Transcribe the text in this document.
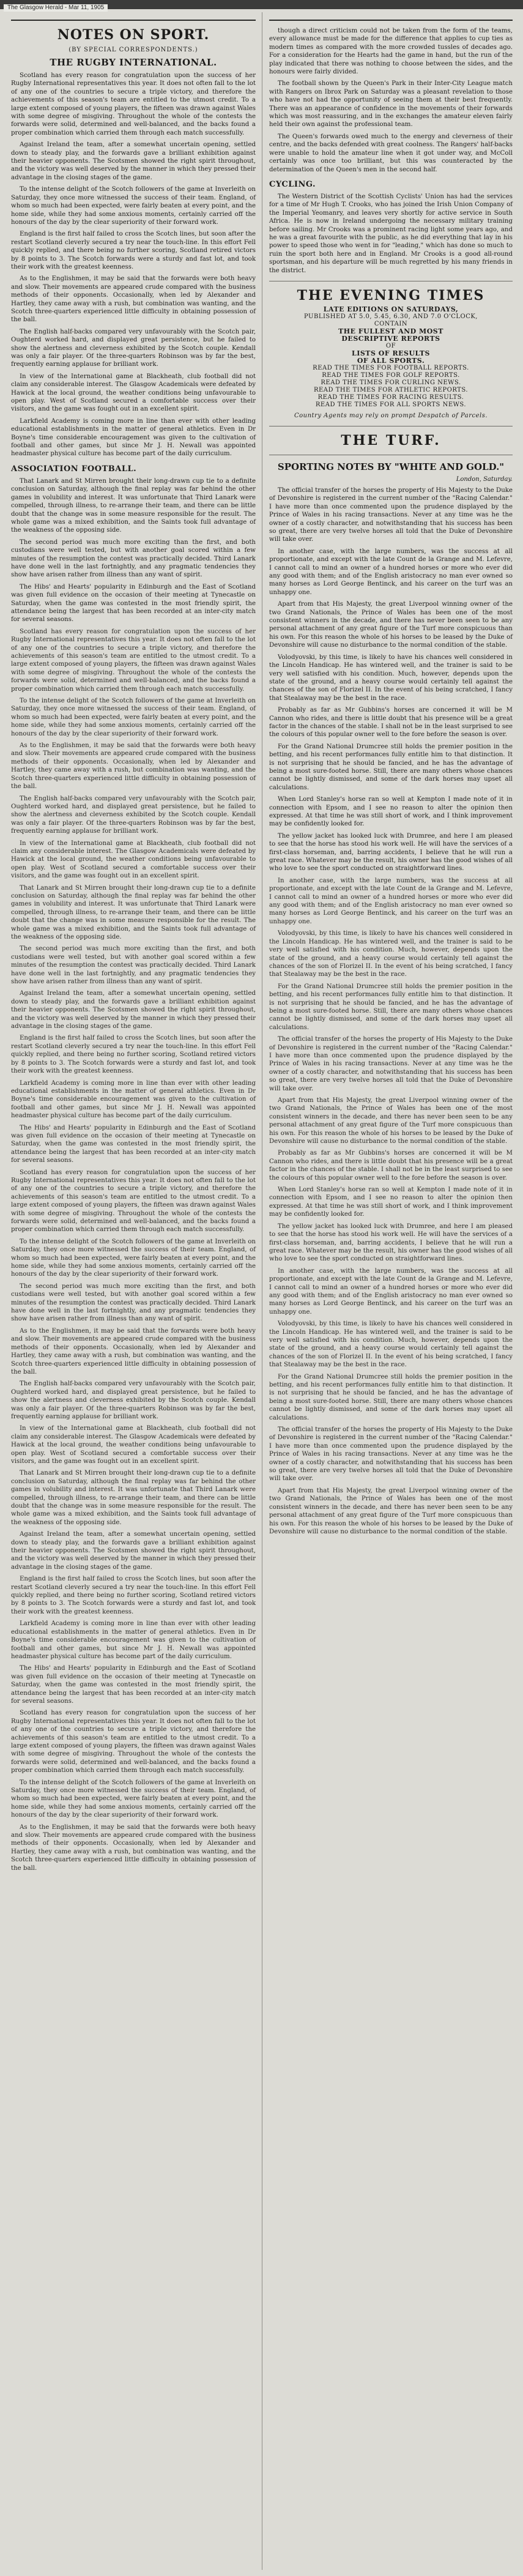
The Glasgow Herald - Mar 11, 1905
NOTES ON SPORT.
(BY SPECIAL CORRESPONDENTS.)
THE RUGBY INTERNATIONAL.

Scotland has every reason for congratulation upon the success of her Rugby International representatives this year. It does not often fall to the lot of any one of the countries to secure a triple victory, and therefore the achievements of this season's team are entitled to the utmost credit. To a large extent composed of young players, the fifteen was drawn against Wales with some degree of misgiving. Throughout the whole of the contests the forwards were solid, determined and well-balanced, and the backs found a proper combination which carried them through each match successfully.

Against Ireland the team, after a somewhat uncertain opening, settled down to steady play, and the forwards gave a brilliant exhibition against their heavier opponents. The Scotsmen showed the right spirit throughout, and the victory was well deserved by the manner in which they pressed their advantage in the closing stages of the game.

To the intense delight of the Scotch followers of the game at Inverleith on Saturday, they once more witnessed the success of their team. England, of whom so much had been expected, were fairly beaten at every point, and the home side, while they had some anxious moments, certainly carried off the honours of the day by the clear superiority of their forward work.

England is the first half failed to cross the Scotch lines, but soon after the restart Scotland cleverly secured a try near the touch-line. In this effort Fell quickly replied, and there being no further scoring, Scotland retired victors by 8 points to 3. The Scotch forwards were a sturdy and fast lot, and took their work with the greatest keenness.

As to the Englishmen, it may be said that the forwards were both heavy and slow. Their movements are appeared crude compared with the business methods of their opponents. Occasionally, when led by Alexander and Hartley, they came away with a rush, but combination was wanting, and the Scotch three-quarters experienced little difficulty in obtaining possession of the ball.

The English half-backs compared very unfavourably with the Scotch pair, Oughterd worked hard, and displayed great persistence, but he failed to show the alertness and cleverness exhibited by the Scotch couple. Kendall was only a fair player. Of the three-quarters Robinson was by far the best, frequently earning applause for brilliant work.

In view of the International game at Blackheath, club football did not claim any considerable interest. The Glasgow Academicals were defeated by Hawick at the local ground, the weather conditions being unfavourable to open play. West of Scotland secured a comfortable success over their visitors, and the game was fought out in an excellent spirit.

Larkfield Academy is coming more in line than ever with other leading educational establishments in the matter of general athletics. Even in Dr Boyne's time considerable encouragement was given to the cultivation of football and other games, but since Mr J. H. Newall was appointed headmaster physical culture has become part of the daily curriculum.

ASSOCIATION FOOTBALL.

That Lanark and St Mirren brought their long-drawn cup tie to a definite conclusion on Saturday, although the final replay was far behind the other games in volubility and interest. It was unfortunate that Third Lanark were compelled, through illness, to re-arrange their team, and there can be little doubt that the change was in some measure responsible for the result. The whole game was a mixed exhibition, and the Saints took full advantage of the weakness of the opposing side.

The second period was much more exciting than the first, and both custodians were well tested, but with another goal scored within a few minutes of the resumption the contest was practically decided. Third Lanark have done well in the last fortnightly, and any pragmatic tendencies they show have arisen rather from illness than any want of spirit.

The Hibs' and Hearts' popularity in Edinburgh and the East of Scotland was given full evidence on the occasion of their meeting at Tynecastle on Saturday, when the game was contested in the most friendly spirit, the attendance being the largest that has been recorded at an inter-city match for several seasons.

Scotland has every reason for congratulation upon the success of her Rugby International representatives this year. It does not often fall to the lot of any one of the countries to secure a triple victory, and therefore the achievements of this season's team are entitled to the utmost credit. To a large extent composed of young players, the fifteen was drawn against Wales with some degree of misgiving. Throughout the whole of the contests the forwards were solid, determined and well-balanced, and the backs found a proper combination which carried them through each match successfully.

To the intense delight of the Scotch followers of the game at Inverleith on Saturday, they once more witnessed the success of their team. England, of whom so much had been expected, were fairly beaten at every point, and the home side, while they had some anxious moments, certainly carried off the honours of the day by the clear superiority of their forward work.

As to the Englishmen, it may be said that the forwards were both heavy and slow. Their movements are appeared crude compared with the business methods of their opponents. Occasionally, when led by Alexander and Hartley, they came away with a rush, but combination was wanting, and the Scotch three-quarters experienced little difficulty in obtaining possession of the ball.

The English half-backs compared very unfavourably with the Scotch pair, Oughterd worked hard, and displayed great persistence, but he failed to show the alertness and cleverness exhibited by the Scotch couple. Kendall was only a fair player. Of the three-quarters Robinson was by far the best, frequently earning applause for brilliant work.

In view of the International game at Blackheath, club football did not claim any considerable interest. The Glasgow Academicals were defeated by Hawick at the local ground, the weather conditions being unfavourable to open play. West of Scotland secured a comfortable success over their visitors, and the game was fought out in an excellent spirit.

That Lanark and St Mirren brought their long-drawn cup tie to a definite conclusion on Saturday, although the final replay was far behind the other games in volubility and interest. It was unfortunate that Third Lanark were compelled, through illness, to re-arrange their team, and there can be little doubt that the change was in some measure responsible for the result. The whole game was a mixed exhibition, and the Saints took full advantage of the weakness of the opposing side.

The second period was much more exciting than the first, and both custodians were well tested, but with another goal scored within a few minutes of the resumption the contest was practically decided. Third Lanark have done well in the last fortnightly, and any pragmatic tendencies they show have arisen rather from illness than any want of spirit.

Against Ireland the team, after a somewhat uncertain opening, settled down to steady play, and the forwards gave a brilliant exhibition against their heavier opponents. The Scotsmen showed the right spirit throughout, and the victory was well deserved by the manner in which they pressed their advantage in the closing stages of the game.

England is the first half failed to cross the Scotch lines, but soon after the restart Scotland cleverly secured a try near the touch-line. In this effort Fell quickly replied, and there being no further scoring, Scotland retired victors by 8 points to 3. The Scotch forwards were a sturdy and fast lot, and took their work with the greatest keenness.

Larkfield Academy is coming more in line than ever with other leading educational establishments in the matter of general athletics. Even in Dr Boyne's time considerable encouragement was given to the cultivation of football and other games, but since Mr J. H. Newall was appointed headmaster physical culture has become part of the daily curriculum.

The Hibs' and Hearts' popularity in Edinburgh and the East of Scotland was given full evidence on the occasion of their meeting at Tynecastle on Saturday, when the game was contested in the most friendly spirit, the attendance being the largest that has been recorded at an inter-city match for several seasons.

Scotland has every reason for congratulation upon the success of her Rugby International representatives this year. It does not often fall to the lot of any one of the countries to secure a triple victory, and therefore the achievements of this season's team are entitled to the utmost credit. To a large extent composed of young players, the fifteen was drawn against Wales with some degree of misgiving. Throughout the whole of the contests the forwards were solid, determined and well-balanced, and the backs found a proper combination which carried them through each match successfully.

To the intense delight of the Scotch followers of the game at Inverleith on Saturday, they once more witnessed the success of their team. England, of whom so much had been expected, were fairly beaten at every point, and the home side, while they had some anxious moments, certainly carried off the honours of the day by the clear superiority of their forward work.

The second period was much more exciting than the first, and both custodians were well tested, but with another goal scored within a few minutes of the resumption the contest was practically decided. Third Lanark have done well in the last fortnightly, and any pragmatic tendencies they show have arisen rather from illness than any want of spirit.

As to the Englishmen, it may be said that the forwards were both heavy and slow. Their movements are appeared crude compared with the business methods of their opponents. Occasionally, when led by Alexander and Hartley, they came away with a rush, but combination was wanting, and the Scotch three-quarters experienced little difficulty in obtaining possession of the ball.

The English half-backs compared very unfavourably with the Scotch pair, Oughterd worked hard, and displayed great persistence, but he failed to show the alertness and cleverness exhibited by the Scotch couple. Kendall was only a fair player. Of the three-quarters Robinson was by far the best, frequently earning applause for brilliant work.

In view of the International game at Blackheath, club football did not claim any considerable interest. The Glasgow Academicals were defeated by Hawick at the local ground, the weather conditions being unfavourable to open play. West of Scotland secured a comfortable success over their visitors, and the game was fought out in an excellent spirit.

That Lanark and St Mirren brought their long-drawn cup tie to a definite conclusion on Saturday, although the final replay was far behind the other games in volubility and interest. It was unfortunate that Third Lanark were compelled, through illness, to re-arrange their team, and there can be little doubt that the change was in some measure responsible for the result. The whole game was a mixed exhibition, and the Saints took full advantage of the weakness of the opposing side.

Against Ireland the team, after a somewhat uncertain opening, settled down to steady play, and the forwards gave a brilliant exhibition against their heavier opponents. The Scotsmen showed the right spirit throughout, and the victory was well deserved by the manner in which they pressed their advantage in the closing stages of the game.

England is the first half failed to cross the Scotch lines, but soon after the restart Scotland cleverly secured a try near the touch-line. In this effort Fell quickly replied, and there being no further scoring, Scotland retired victors by 8 points to 3. The Scotch forwards were a sturdy and fast lot, and took their work with the greatest keenness.

Larkfield Academy is coming more in line than ever with other leading educational establishments in the matter of general athletics. Even in Dr Boyne's time considerable encouragement was given to the cultivation of football and other games, but since Mr J. H. Newall was appointed headmaster physical culture has become part of the daily curriculum.

The Hibs' and Hearts' popularity in Edinburgh and the East of Scotland was given full evidence on the occasion of their meeting at Tynecastle on Saturday, when the game was contested in the most friendly spirit, the attendance being the largest that has been recorded at an inter-city match for several seasons.

Scotland has every reason for congratulation upon the success of her Rugby International representatives this year. It does not often fall to the lot of any one of the countries to secure a triple victory, and therefore the achievements of this season's team are entitled to the utmost credit. To a large extent composed of young players, the fifteen was drawn against Wales with some degree of misgiving. Throughout the whole of the contests the forwards were solid, determined and well-balanced, and the backs found a proper combination which carried them through each match successfully.

To the intense delight of the Scotch followers of the game at Inverleith on Saturday, they once more witnessed the success of their team. England, of whom so much had been expected, were fairly beaten at every point, and the home side, while they had some anxious moments, certainly carried off the honours of the day by the clear superiority of their forward work.

As to the Englishmen, it may be said that the forwards were both heavy and slow. Their movements are appeared crude compared with the business methods of their opponents. Occasionally, when led by Alexander and Hartley, they came away with a rush, but combination was wanting, and the Scotch three-quarters experienced little difficulty in obtaining possession of the ball.

though a direct criticism could not be taken from the form of the teams, every allowance must be made for the difference that applies to cup ties as modern times as compared with the more crowded tussles of decades ago. For a consideration for the Hearts had the game in hand, but the run of the play indicated that there was nothing to choose between the sides, and the honours were fairly divided.

The football shown by the Queen's Park in their Inter-City League match with Rangers on Ibrox Park on Saturday was a pleasant revelation to those who have not had the opportunity of seeing them at their best frequently. There was an appearance of confidence in the movements of their forwards which was most reassuring, and in the exchanges the amateur eleven fairly held their own against the professional team.

The Queen's forwards owed much to the energy and cleverness of their centre, and the backs defended with great coolness. The Rangers' half-backs were unable to hold the amateur line when it got under way, and McColl certainly was once too brilliant, but this was counteracted by the determination of the Queen's men in the second half.

CYCLING.

The Western District of the Scottish Cyclists' Union has had the services for a time of Mr Hugh T. Crooks, who has joined the Irish Union Company of the Imperial Yeomanry, and leaves very shortly for active service in South Africa. He is now in Ireland undergoing the necessary military training before sailing. Mr Crooks was a prominent racing light some years ago, and he was a great favourite with the public, as he did everything that lay in his power to speed those who went in for "leading," which has done so much to ruin the sport both here and in England. Mr Crooks is a good all-round sportsman, and his departure will be much regretted by his many friends in the district.

THE EVENING TIMES
LATE EDITIONS ON SATURDAYS,
PUBLISHED AT 5.0, 5.45, 6.30, AND 7.0 O'CLOCK,
CONTAIN
THE FULLEST AND MOST
DESCRIPTIVE REPORTS
OF
LISTS OF RESULTS
OF ALL SPORTS.
READ THE TIMES FOR FOOTBALL REPORTS.
READ THE TIMES FOR GOLF REPORTS.
READ THE TIMES FOR CURLING NEWS.
READ THE TIMES FOR ATHLETIC REPORTS.
READ THE TIMES FOR RACING RESULTS.
READ THE TIMES FOR ALL SPORTS NEWS.
Country Agents may rely on prompt Despatch of Parcels.
THE TURF.
SPORTING NOTES BY "WHITE AND GOLD."
London, Saturday.

The official transfer of the horses the property of His Majesty to the Duke of Devonshire is registered in the current number of the "Racing Calendar." I have more than once commented upon the prudence displayed by the Prince of Wales in his racing transactions. Never at any time was he the owner of a costly character, and notwithstanding that his success has been so great, there are very twelve horses all told that the Duke of Devonshire will take over.

In another case, with the large numbers, was the success at all proportionate, and except with the late Count de la Grange and M. Lefevre, I cannot call to mind an owner of a hundred horses or more who ever did any good with them; and of the English aristocracy no man ever owned so many horses as Lord George Bentinck, and his career on the turf was an unhappy one.

Apart from that His Majesty, the great Liverpool winning owner of the two Grand Nationals, the Prince of Wales has been one of the most consistent winners in the decade, and there has never been seen to be any personal attachment of any great figure of the Turf more conspicuous than his own. For this reason the whole of his horses to be leased by the Duke of Devonshire will cause no disturbance to the normal condition of the stable.

Volodyovski, by this time, is likely to have his chances well considered in the Lincoln Handicap. He has wintered well, and the trainer is said to be very well satisfied with his condition. Much, however, depends upon the state of the ground, and a heavy course would certainly tell against the chances of the son of Florizel II. In the event of his being scratched, I fancy that Stealaway may be the best in the race.

Probably as far as Mr Gubbins's horses are concerned it will be M Cannon who rides, and there is little doubt that his presence will be a great factor in the chances of the stable. I shall not be in the least surprised to see the colours of this popular owner well to the fore before the season is over.

For the Grand National Drumcree still holds the premier position in the betting, and his recent performances fully entitle him to that distinction. It is not surprising that he should be fancied, and he has the advantage of being a most sure-footed horse. Still, there are many others whose chances cannot be lightly dismissed, and some of the dark horses may upset all calculations.

When Lord Stanley's horse ran so well at Kempton I made note of it in connection with Epsom, and I see no reason to alter the opinion then expressed. At that time he was still short of work, and I think improvement may be confidently looked for.

The yellow jacket has looked luck with Drumree, and here I am pleased to see that the horse has stood his work well. He will have the services of a first-class horseman, and, barring accidents, I believe that he will run a great race. Whatever may be the result, his owner has the good wishes of all who love to see the sport conducted on straightforward lines.

In another case, with the large numbers, was the success at all proportionate, and except with the late Count de la Grange and M. Lefevre, I cannot call to mind an owner of a hundred horses or more who ever did any good with them; and of the English aristocracy no man ever owned so many horses as Lord George Bentinck, and his career on the turf was an unhappy one.

Volodyovski, by this time, is likely to have his chances well considered in the Lincoln Handicap. He has wintered well, and the trainer is said to be very well satisfied with his condition. Much, however, depends upon the state of the ground, and a heavy course would certainly tell against the chances of the son of Florizel II. In the event of his being scratched, I fancy that Stealaway may be the best in the race.

For the Grand National Drumcree still holds the premier position in the betting, and his recent performances fully entitle him to that distinction. It is not surprising that he should be fancied, and he has the advantage of being a most sure-footed horse. Still, there are many others whose chances cannot be lightly dismissed, and some of the dark horses may upset all calculations.

The official transfer of the horses the property of His Majesty to the Duke of Devonshire is registered in the current number of the "Racing Calendar." I have more than once commented upon the prudence displayed by the Prince of Wales in his racing transactions. Never at any time was he the owner of a costly character, and notwithstanding that his success has been so great, there are very twelve horses all told that the Duke of Devonshire will take over.

Apart from that His Majesty, the great Liverpool winning owner of the two Grand Nationals, the Prince of Wales has been one of the most consistent winners in the decade, and there has never been seen to be any personal attachment of any great figure of the Turf more conspicuous than his own. For this reason the whole of his horses to be leased by the Duke of Devonshire will cause no disturbance to the normal condition of the stable.

Probably as far as Mr Gubbins's horses are concerned it will be M Cannon who rides, and there is little doubt that his presence will be a great factor in the chances of the stable. I shall not be in the least surprised to see the colours of this popular owner well to the fore before the season is over.

When Lord Stanley's horse ran so well at Kempton I made note of it in connection with Epsom, and I see no reason to alter the opinion then expressed. At that time he was still short of work, and I think improvement may be confidently looked for.

The yellow jacket has looked luck with Drumree, and here I am pleased to see that the horse has stood his work well. He will have the services of a first-class horseman, and, barring accidents, I believe that he will run a great race. Whatever may be the result, his owner has the good wishes of all who love to see the sport conducted on straightforward lines.

In another case, with the large numbers, was the success at all proportionate, and except with the late Count de la Grange and M. Lefevre, I cannot call to mind an owner of a hundred horses or more who ever did any good with them; and of the English aristocracy no man ever owned so many horses as Lord George Bentinck, and his career on the turf was an unhappy one.

Volodyovski, by this time, is likely to have his chances well considered in the Lincoln Handicap. He has wintered well, and the trainer is said to be very well satisfied with his condition. Much, however, depends upon the state of the ground, and a heavy course would certainly tell against the chances of the son of Florizel II. In the event of his being scratched, I fancy that Stealaway may be the best in the race.

For the Grand National Drumcree still holds the premier position in the betting, and his recent performances fully entitle him to that distinction. It is not surprising that he should be fancied, and he has the advantage of being a most sure-footed horse. Still, there are many others whose chances cannot be lightly dismissed, and some of the dark horses may upset all calculations.

The official transfer of the horses the property of His Majesty to the Duke of Devonshire is registered in the current number of the "Racing Calendar." I have more than once commented upon the prudence displayed by the Prince of Wales in his racing transactions. Never at any time was he the owner of a costly character, and notwithstanding that his success has been so great, there are very twelve horses all told that the Duke of Devonshire will take over.

Apart from that His Majesty, the great Liverpool winning owner of the two Grand Nationals, the Prince of Wales has been one of the most consistent winners in the decade, and there has never been seen to be any personal attachment of any great figure of the Turf more conspicuous than his own. For this reason the whole of his horses to be leased by the Duke of Devonshire will cause no disturbance to the normal condition of the stable.
